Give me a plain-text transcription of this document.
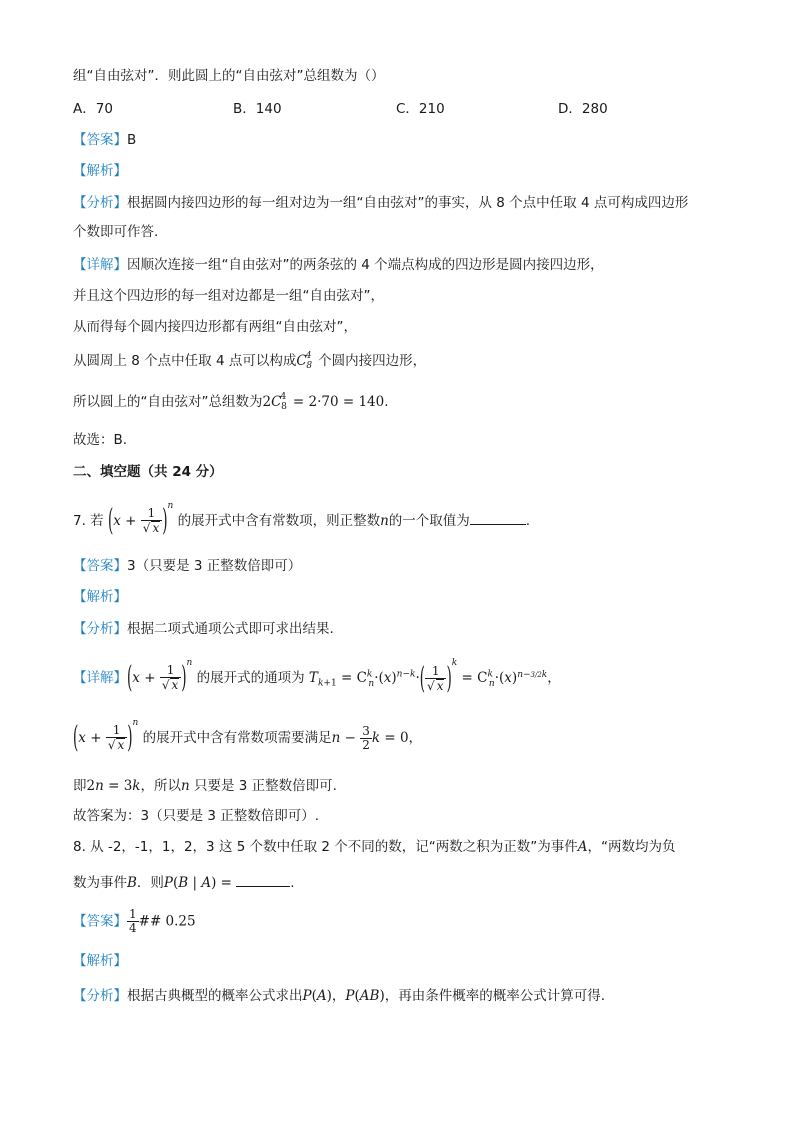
组“自由弦对”．则此圆上的“自由弦对”总组数为（）
A．70	B．140	C．210	D．280
【答案】B
【解析】
【分析】根据圆内接四边形的每一组对边为一组“自由弦对”的事实，从 8 个点中任取 4 点可构成四边形
个数即可作答.
【详解】因顺次连接一组“自由弦对”的两条弦的 4 个端点构成的四边形是圆内接四边形，
并且这个四边形的每一组对边都是一组“自由弦对”，
从而得每个圆内接四边形都有两组“自由弦对”，
从圆周上 8 个点中任取 4 点可以构成$C^4_8$ 个圆内接四边形，
所以圆上的“自由弦对”总组数为$2C^4_8 = 2\cdot 70 = 140$.
故选：B.
二、填空题（共 24 分）
7. 若 $(x + \frac{1}{√ x} )^n$ 的展开式中含有常数项，则正整数n的一个取值为	.
【答案】3（只要是 3 正整数倍即可）
【解析】
【分析】根据二项式通项公式即可求出结果.
【详解】$(x + \frac{1}{√ x} )^n$ 的展开式的通项为 $T_{k+1} = C^k_n\cdot(x)^{n-k}\cdot( \frac{1}{√ x} )^k = C^k_n\cdot(x)^{n-3/2k}$，
$(x + \frac{1}{√ x} )^n$ 的展开式中含有常数项需要满足$n - \frac{3}{2}$ k = 0，
即2n = 3k，所以n 只要是 3 正整数倍即可.
故答案为：3（只要是 3 正整数倍即可）.
8. 从 -2，-1，1，2，3 这 5 个数中任取 2 个不同的数，记“两数之积为正数”为事件A，“两数均为负
数为事件B．则P(B | A) =	.
【答案】 $\frac{1}{4}$ ## 0.25
【解析】
【分析】根据古典概型的概率公式求出P(A)，P(AB)，再由条件概率的概率公式计算可得.
